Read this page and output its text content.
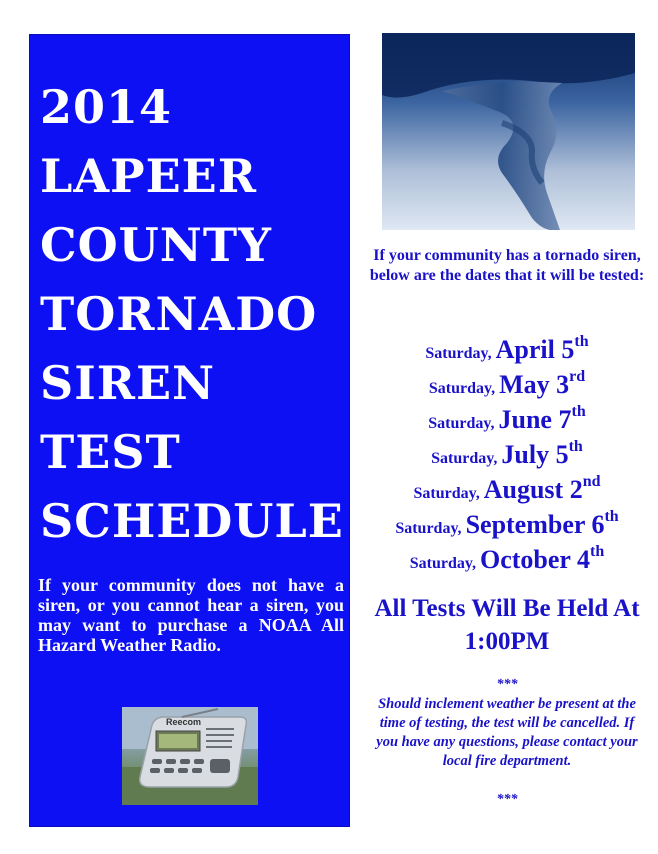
2014
LAPEER
COUNTY
TORNADO
SIREN
TEST
SCHEDULE

If your community does not have a siren, or you cannot hear a siren, you may want to purchase a NOAA All Hazard Weather Radio.

Reecom

If your community has a tornado siren, below are the dates that it will be tested:

Saturday, April 5th
Saturday, May 3rd
Saturday, June 7th
Saturday, July 5th
Saturday, August 2nd
Saturday, September 6th
Saturday, October 4th

All Tests Will Be Held At 1:00PM

***

Should inclement weather be present at the time of testing, the test will be cancelled. If you have any questions, please contact your local fire department.

***
